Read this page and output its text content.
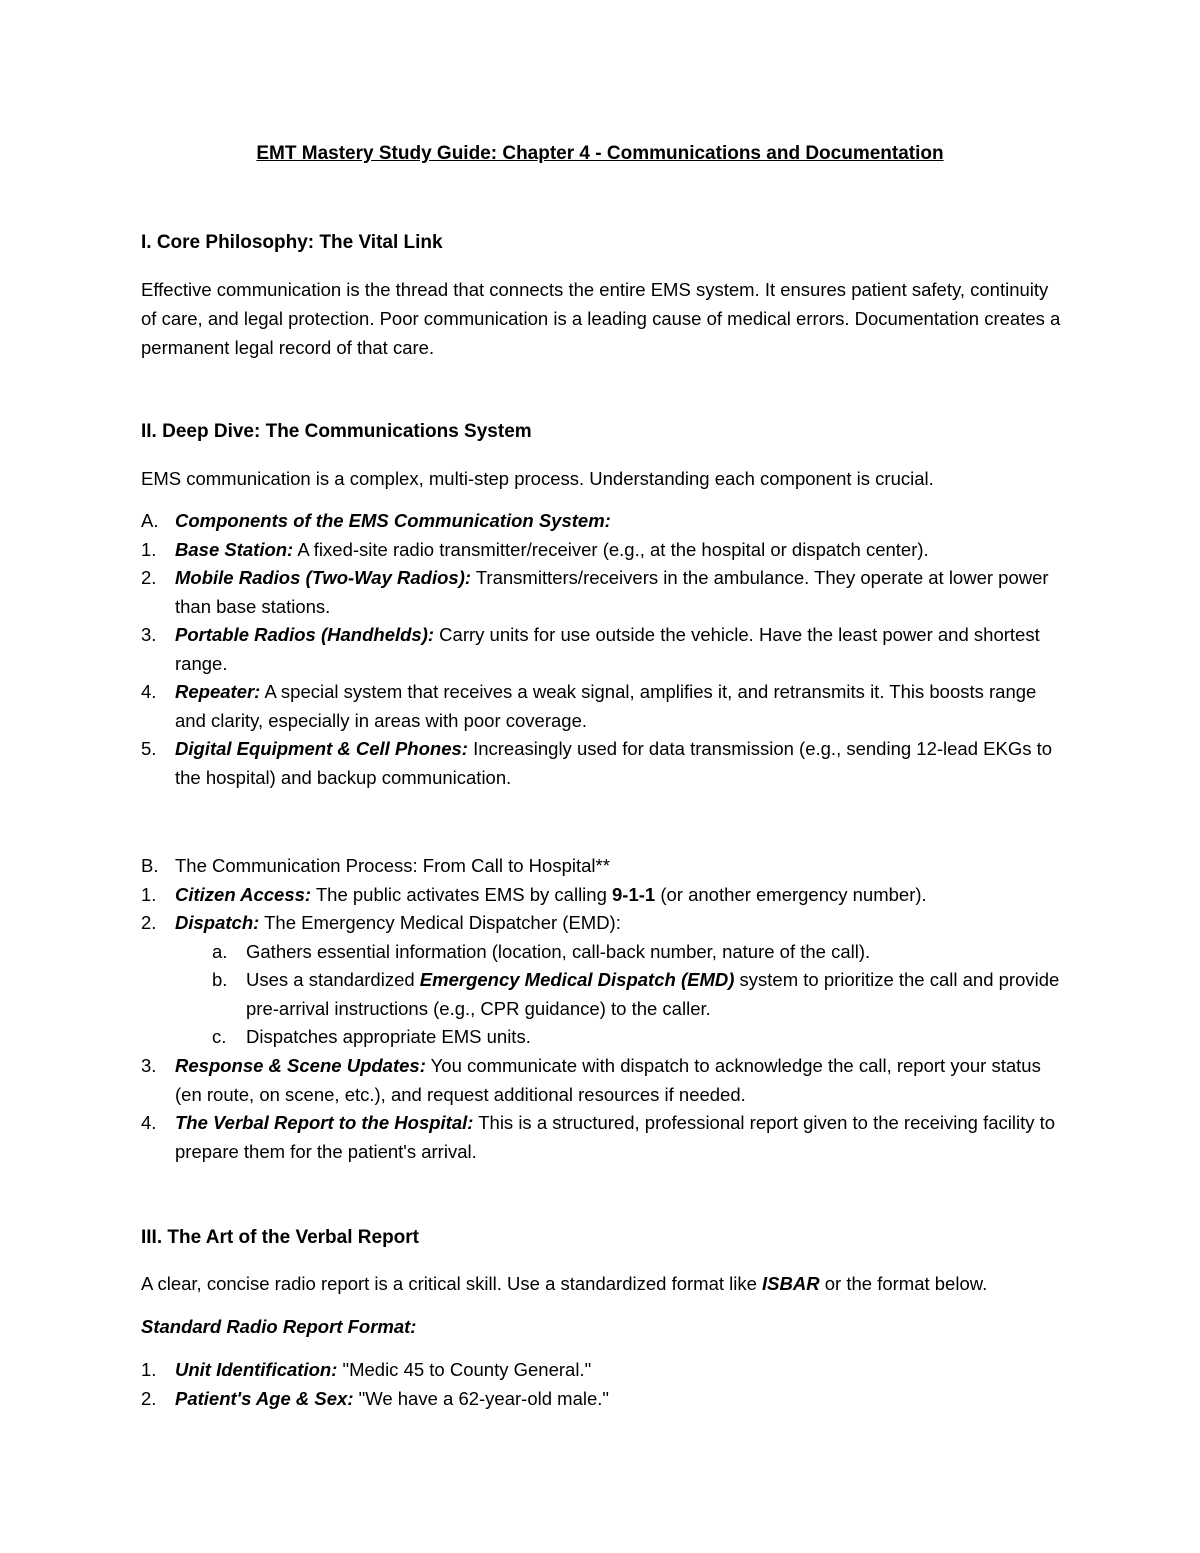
EMT Mastery Study Guide: Chapter 4 - Communications and Documentation
I. Core Philosophy: The Vital Link

Effective communication is the thread that connects the entire EMS system. It ensures patient safety, continuity of care, and legal protection. Poor communication is a leading cause of medical errors. Documentation creates a permanent legal record of that care.

II. Deep Dive: The Communications System

EMS communication is a complex, multi-step process. Understanding each component is crucial.

A. Components of the EMS Communication System:
1. Base Station: A fixed-site radio transmitter/receiver (e.g., at the hospital or dispatch center).
2. Mobile Radios (Two-Way Radios): Transmitters/receivers in the ambulance. They operate at lower power than base stations.
3. Portable Radios (Handhelds): Carry units for use outside the vehicle. Have the least power and shortest range.
4. Repeater: A special system that receives a weak signal, amplifies it, and retransmits it. This boosts range and clarity, especially in areas with poor coverage.
5. Digital Equipment & Cell Phones: Increasingly used for data transmission (e.g., sending 12-lead EKGs to the hospital) and backup communication.
B. The Communication Process: From Call to Hospital**
1. Citizen Access: The public activates EMS by calling 9-1-1 (or another emergency number).
2. Dispatch: The Emergency Medical Dispatcher (EMD):
a. Gathers essential information (location, call-back number, nature of the call).
b. Uses a standardized Emergency Medical Dispatch (EMD) system to prioritize the call and provide pre-arrival instructions (e.g., CPR guidance) to the caller.
c. Dispatches appropriate EMS units.
3. Response & Scene Updates: You communicate with dispatch to acknowledge the call, report your status (en route, on scene, etc.), and request additional resources if needed.
4. The Verbal Report to the Hospital: This is a structured, professional report given to the receiving facility to prepare them for the patient's arrival.
III. The Art of the Verbal Report

A clear, concise radio report is a critical skill. Use a standardized format like ISBAR or the format below.

Standard Radio Report Format:

1. Unit Identification: "Medic 45 to County General."
2. Patient's Age & Sex: "We have a 62-year-old male."
